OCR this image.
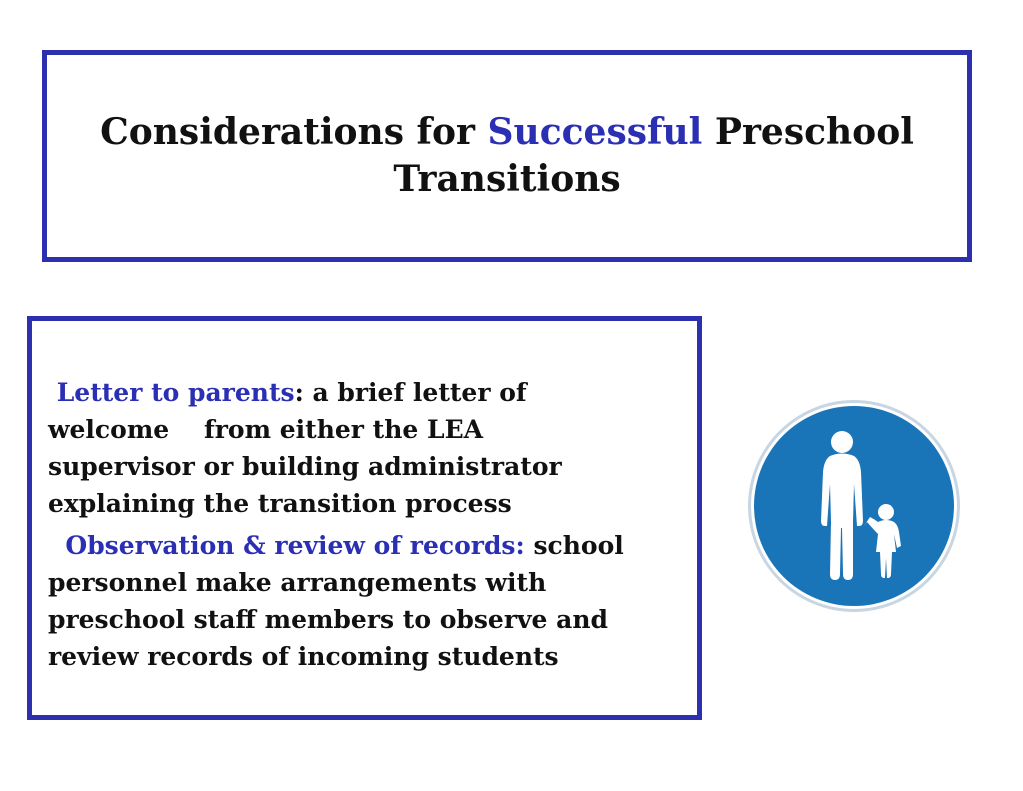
Considerations for Successful Preschool
Transitions

Letter to parents: a brief letter of
welcome    from either the LEA
supervisor or building administrator
explaining the transition process

Observation & review of records: school
personnel make arrangements with
preschool staff members to observe and
review records of incoming students
